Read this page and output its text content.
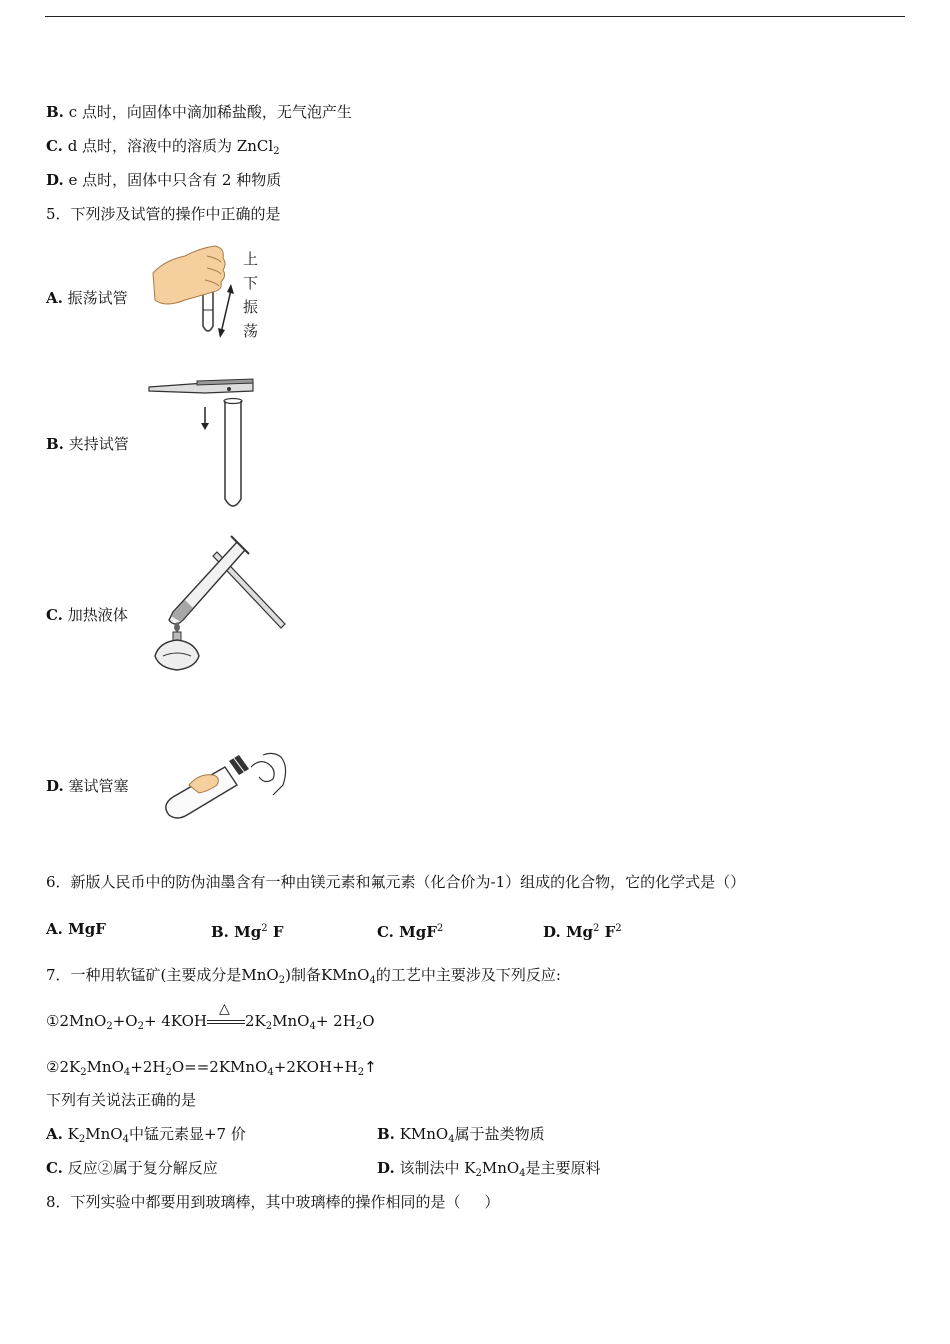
B. c 点时，向固体中滴加稀盐酸，无气泡产生
C. d 点时，溶液中的溶质为 ZnCl$_2$
D. e 点时，固体中只含有 2 种物质
5．下列涉及试管的操作中正确的是
A. 振荡试管
上
下
振
荡
B. 夹持试管
C. 加热液体
D. 塞试管塞
6．新版人民币中的防伪油墨含有一种由镁元素和氟元素（化合价为-1）组成的化合物，它的化学式是（）
A. MgF	B. Mg$^2$ F	C. MgF$^2$	D. Mg$^2$ $F^2$
7．一种用软锰矿(主要成分是MnO$_2$)制备KMnO$_4$的工艺中主要涉及下列反应:
$①2MnO_2+O_2+ 4KOH$
△
$2K_2MnO_4+ 2H_2O$
$②2K_2MnO_4+2H_2O==2KMnO_4+2KOH+H_2↑$
下列有关说法正确的是
A. $K_2MnO_4$中锰元素显+7 价	B. KMnO$_4$属于盐类物质
C. 反应②属于复分解反应	D. 该制法中 $K_2MnO_4$是主要原料
8．下列实验中都要用到玻璃棒，其中玻璃棒的操作相同的是（     ）
